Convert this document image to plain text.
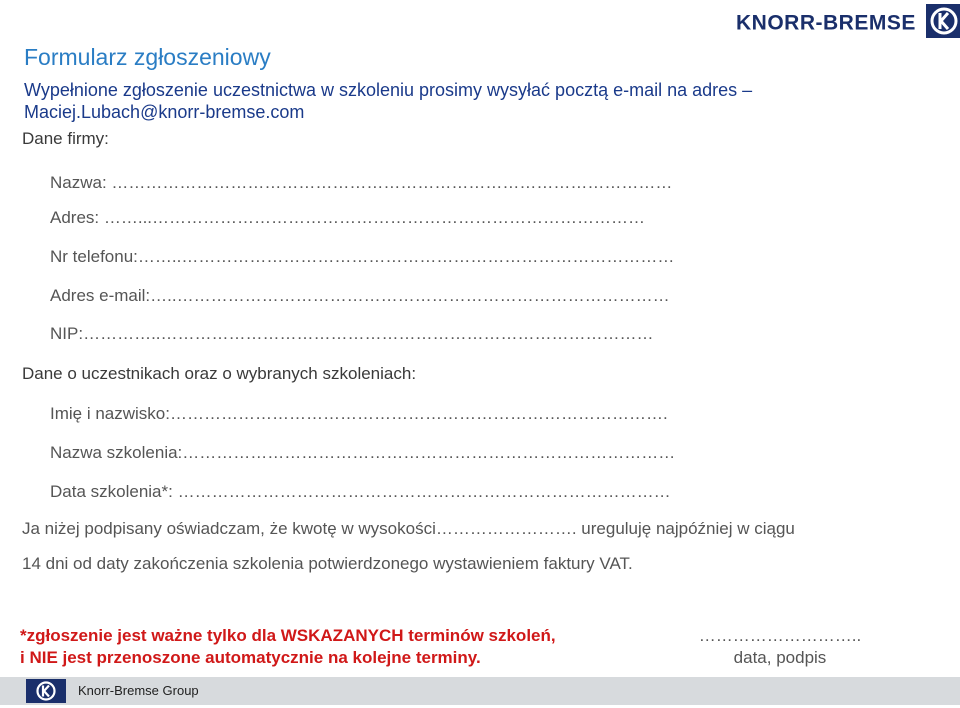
KNORR-BREMSE
Formularz zgłoszeniowy
Wypełnione zgłoszenie uczestnictwa w szkoleniu prosimy wysyłać pocztą e-mail na adres –
Maciej.Lubach@knorr-bremse.com
Dane firmy:
Nazwa: ………………………………………………………………………………………
Adres: ……...……………………………………………………………………………
Nr telefonu:……..……………………………………………………………………………
Adres e-mail:…..……………………………………………………………………………
NIP:…………..……………………………………………………………………………
Dane o uczestnikach oraz o wybranych szkoleniach:
Imię i nazwisko:…………………………………………………………………………….
Nazwa szkolenia:……………………………………………………………………………
Data szkolenia*: ……………………………………………………………………………
Ja niżej podpisany oświadczam, że kwotę w wysokości……………………. ureguluję najpóźniej w ciągu
14 dni od daty zakończenia szkolenia potwierdzonego wystawieniem faktury VAT.
*zgłoszenie jest ważne tylko dla WSKAZANYCH terminów szkoleń,
i NIE jest przenoszone automatycznie na kolejne terminy.
………………………..
data, podpis
Knorr-Bremse Group
